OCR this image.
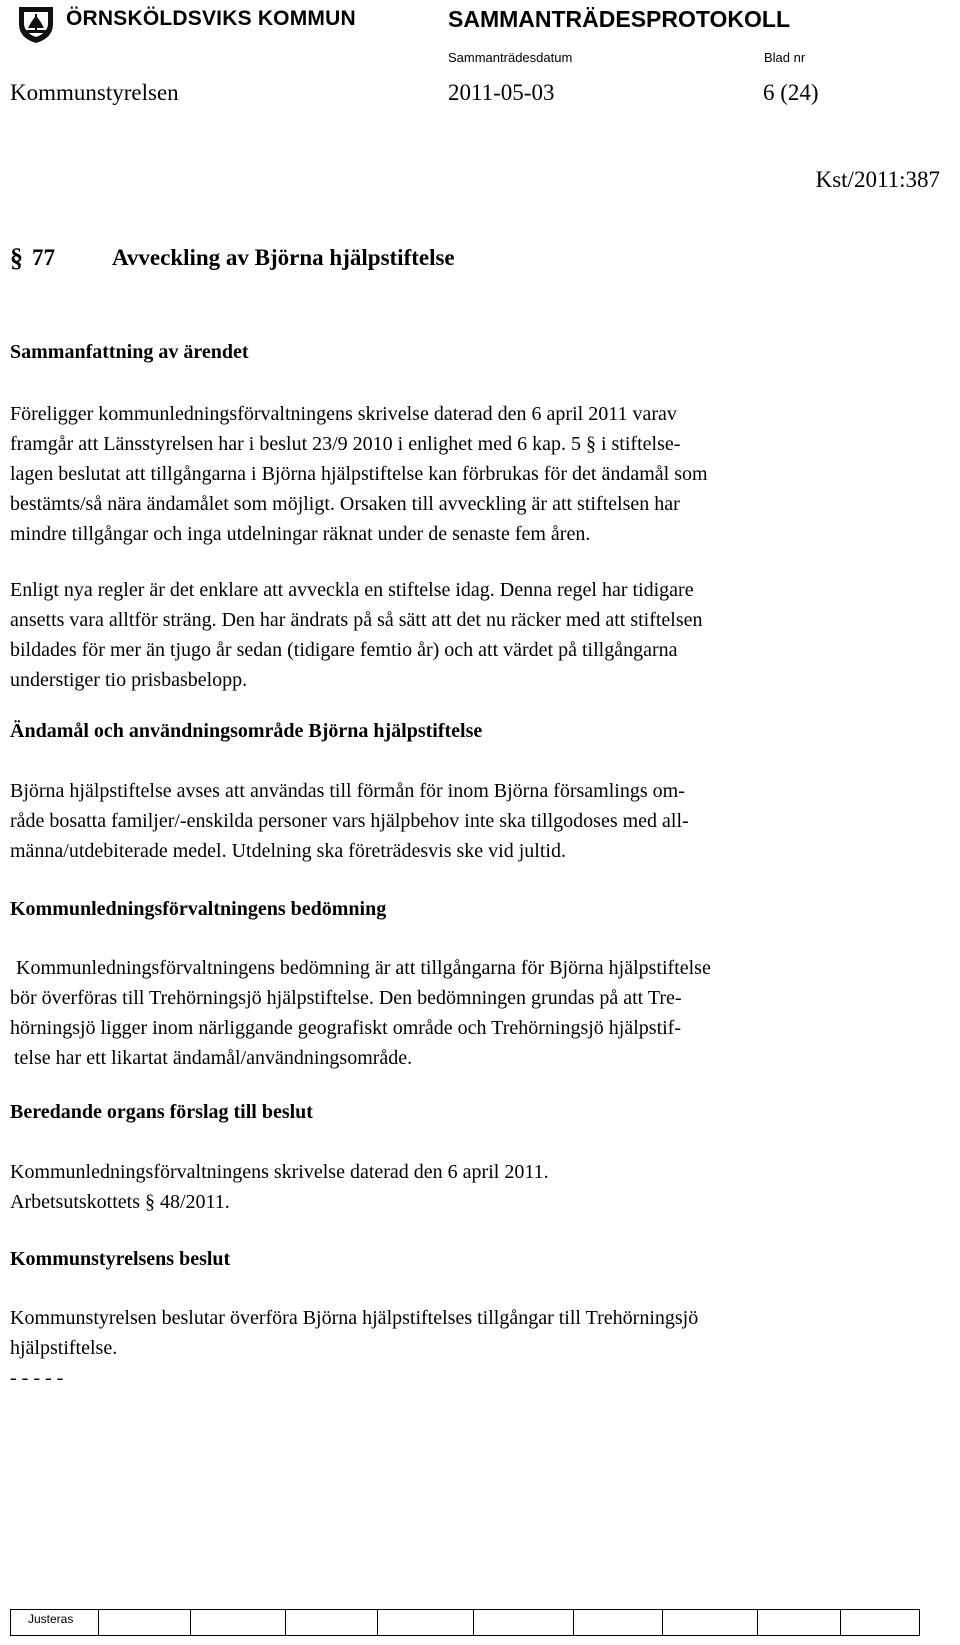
ÖRNSKÖLDSVIKS KOMMUN	SAMMANTRÄDESPROTOKOLL
Sammanträdesdatum	Blad nr
Kommunstyrelsen	2011-05-03	6 (24)
Kst/2011:387
§ 77 Avveckling av Björna hjälpstiftelse
Sammanfattning av ärendet
Föreligger kommunledningsförvaltningens skrivelse daterad den 6 april 2011 varav
framgår att Länsstyrelsen har i beslut 23/9 2010 i enlighet med 6 kap. 5 § i stiftelse-
lagen beslutat att tillgångarna i Björna hjälpstiftelse kan förbrukas för det ändamål som
bestämts/så nära ändamålet som möjligt. Orsaken till avveckling är att stiftelsen har
mindre tillgångar och inga utdelningar räknat under de senaste fem åren.
Enligt nya regler är det enklare att avveckla en stiftelse idag. Denna regel har tidigare
ansetts vara alltför sträng. Den har ändrats på så sätt att det nu räcker med att stiftelsen
bildades för mer än tjugo år sedan (tidigare femtio år) och att värdet på tillgångarna
understiger tio prisbasbelopp.
Ändamål och användningsområde Björna hjälpstiftelse
Björna hjälpstiftelse avses att användas till förmån för inom Björna församlings om-
råde bosatta familjer/-enskilda personer vars hjälpbehov inte ska tillgodoses med all-
männa/utdebiterade medel. Utdelning ska företrädesvis ske vid jultid.
Kommunledningsförvaltningens bedömning
Kommunledningsförvaltningens bedömning är att tillgångarna för Björna hjälpstiftelse
bör överföras till Trehörningsjö hjälpstiftelse. Den bedömningen grundas på att Tre-
hörningsjö ligger inom närliggande geografiskt område och Trehörningsjö hjälpstif-
telse har ett likartat ändamål/användningsområde.
Beredande organs förslag till beslut
Kommunledningsförvaltningens skrivelse daterad den 6 april 2011.
Arbetsutskottets § 48/2011.
Kommunstyrelsens beslut
Kommunstyrelsen beslutar överföra Björna hjälpstiftelses tillgångar till Trehörningsjö
hjälpstiftelse.
- - - - -
Justeras
